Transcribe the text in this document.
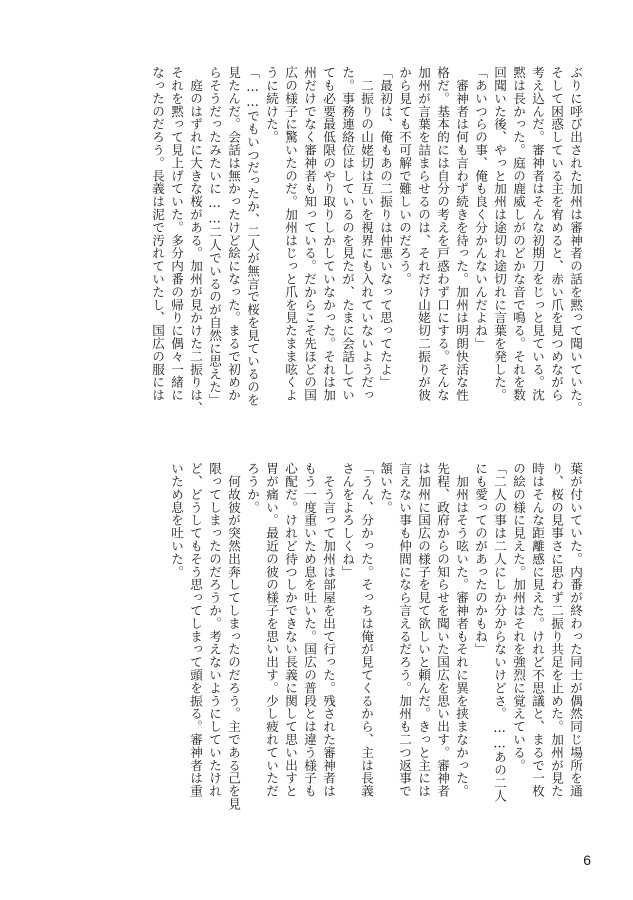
ぶりに呼び出された加州は審神者の話を黙って聞いていた。

そして困惑している主を宥めると、赤い爪を見つめながら

考え込んだ。審神者はそんな初期刀をじっと見ている。沈

黙は長かった。庭の鹿威しがのどかな音で鳴る。それを数

回聞いた後、やっと加州は途切れ途切れに言葉を発した。

「あいつらの事、俺も良く分かんないんだよね」

　審神者は何も言わず続きを待った。加州は明朗快活な性

格だ。基本的には自分の考えを戸惑わず口にする。そんな

加州が言葉を詰まらせるのは、それだけ山姥切二振りが彼

から見ても不可解で難しいのだろう。

「最初は、俺もあの二振りは仲悪いなって思ってたよ」

　二振りの山姥切は互いを視界にも入れていないようだっ

た。事務連絡位はしているのを見たが、たまに会話してい

ても必要最低限のやり取りしかしていなかった。それは加

州だけでなく審神者も知っている。だからこそ先ほどの国

広の様子に驚いたのだ。加州はじっと爪を見たまま呟くよ

うに続けた。

「……でもいつだったか、二人が無言で桜を見ているのを

見たんだ。会話は無かったけど絵になった。まるで初めか

らそうだったみたいに……二人でいるのが自然に思えた」

　庭のはずれに大きな桜がある。加州が見かけた二振りは、

それを黙って見上げていた。多分内番の帰りに偶々一緒に

なったのだろう。長義は泥で汚れていたし、国広の服には

葉が付いていた。内番が終わった同士が偶然同じ場所を通

り、桜の見事さに思わず二振り共足を止めた。加州が見た

時はそんな距離感に見えた。けれど不思議と、まるで一枚

の絵の様に見えた。加州はそれを強烈に覚えている。

「二人の事は二人にしか分からないけどさ。……あの二人

にも愛ってのがあったのかもね」

　加州はそう呟いた。審神者もそれに異を挟まなかった。

先程、政府からの知らせを聞いた国広を思い出す。審神者

は加州に国広の様子を見て欲しいと頼んだ。きっと主には

言えない事も仲間になら言えるだろう。加州も二つ返事で

頷いた。

「うん、分かった。そっちは俺が見てくるから、主は長義

さんをよろしくね」

　そう言って加州は部屋を出て行った。残された審神者は

もう一度重いため息を吐いた。国広の普段とは違う様子も

心配だ。けれど待つしかできない長義に関して思い出すと

胃が痛い。最近の彼の様子を思い出す。少し疲れていただ

ろうか。

　何故彼が突然出奔してしまったのだろう。主である己を見

限ってしまったのだろうか。考えないようにしていたけれ

ど、どうしてもそう思ってしまって頭を振る。審神者は重

いため息を吐いた。

6
